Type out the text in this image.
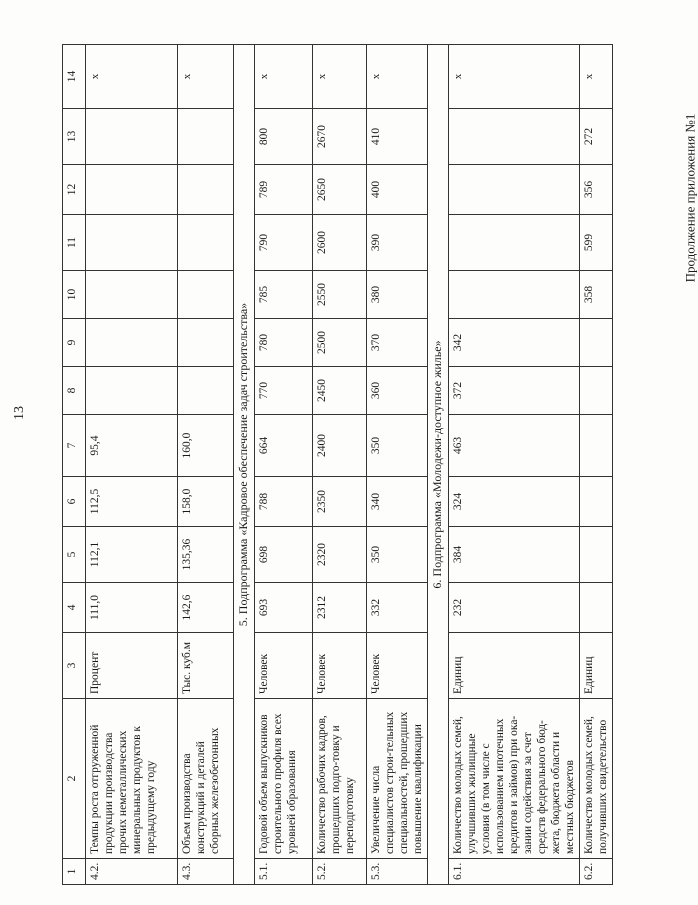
13
Продолжение приложения №1
1	2	3	4	5	6	7	8	9	10	11	12	13	14
4.2.	Темпы роста отгруженной продукции производства прочих неметаллических минеральных продуктов к предыдущему году	Процент	111,0	112,1	112,5	95,4							х
4.3.	Объем производства конструкций и деталей сборных железобетонных	Тыс. куб.м	142,6	135,36	158,0	160,0							х
5. Подпрограмма «Кадровое обеспечение задач строительства»													
5.1.	Годовой объем выпускников строительного профиля всех уровней образования	Человек	693	698	788	664	770	780	785	790	789	800	х
5.2.	Количество рабочих кадров, прошедших подго-товку и переподготовку	Человек	2312	2320	2350	2400	2450	2500	2550	2600	2650	2670	х
5.3.	Увеличение числа специалистов строи-тельных специальностей, прошедших повышение квалификации	Человек	332	350	340	350	360	370	380	390	400	410	х
6. Подпрограмма «Молодежи-доступное жилье»													
6.1.	Количество молодых семей, улучшивших жилищные условия (в том числе с использованием ипотечных кредитов и займов) при ока-зании содействия за счет средств федерального бюд-жета, бюджета области и местных бюджетов	Единиц	232	384	324	463	372	342					х
6.2.	Количество молодых семей, получивших свидетельство	Единиц							358	599	356	272	х
